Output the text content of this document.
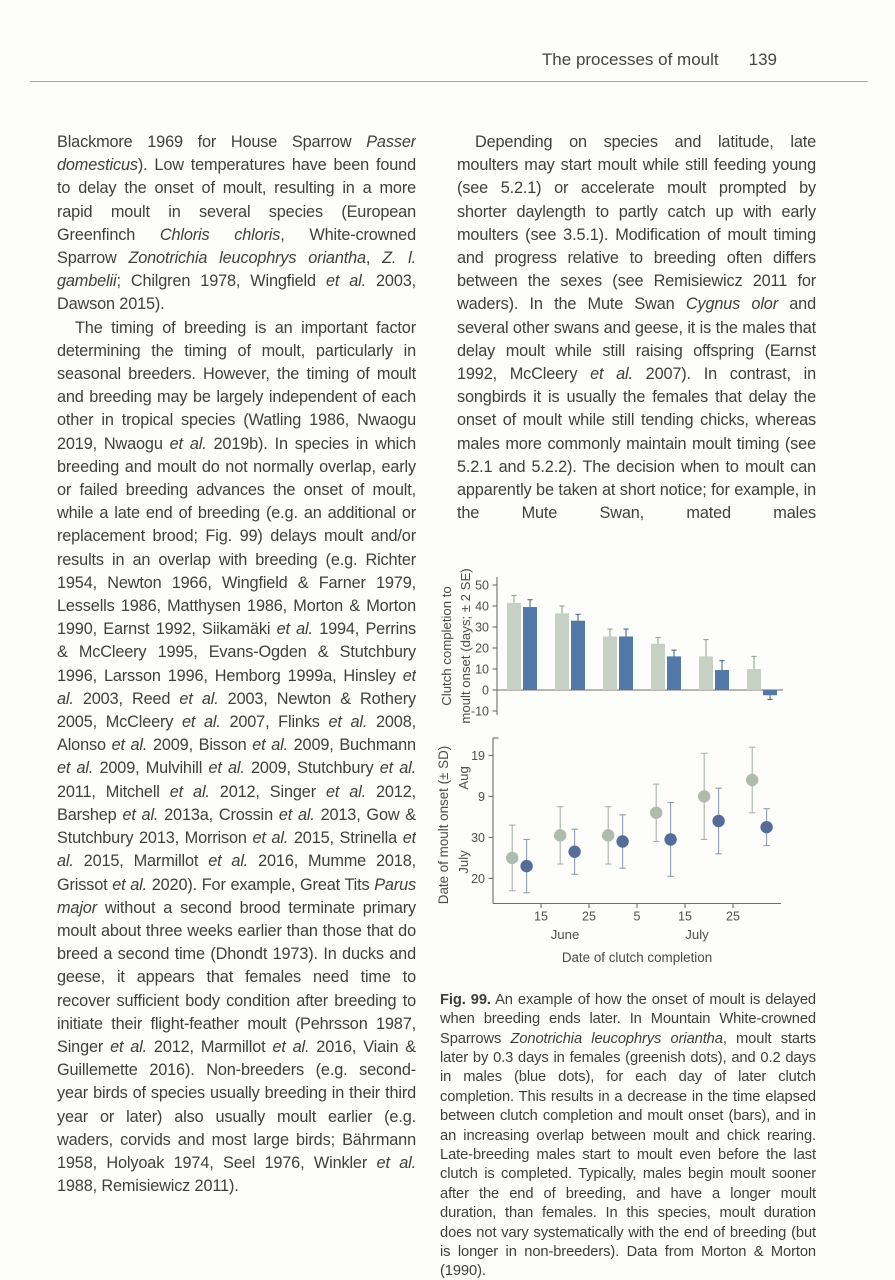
The processes of moult 139

Blackmore 1969 for House Sparrow Passer domesticus). Low temperatures have been found to delay the onset of moult, resulting in a more rapid moult in several species (European Greenfinch Chloris chloris, White-crowned Sparrow Zonotrichia leucophrys oriantha, Z. l. gambelii; Chilgren 1978, Wingfield et al. 2003, Dawson 2015).

The timing of breeding is an important factor determining the timing of moult, particularly in seasonal breeders. However, the timing of moult and breeding may be largely independent of each other in tropical species (Watling 1986, Nwaogu 2019, Nwaogu et al. 2019b). In species in which breeding and moult do not normally overlap, early or failed breeding advances the onset of moult, while a late end of breeding (e.g. an additional or replacement brood; Fig. 99) delays moult and/or results in an overlap with breeding (e.g. Richter 1954, Newton 1966, Wingfield & Farner 1979, Lessells 1986, Matthysen 1986, Morton & Morton 1990, Earnst 1992, Siikamäki et al. 1994, Perrins & McCleery 1995, Evans-Ogden & Stutchbury 1996, Larsson 1996, Hemborg 1999a, Hinsley et al. 2003, Reed et al. 2003, Newton & Rothery 2005, McCleery et al. 2007, Flinks et al. 2008, Alonso et al. 2009, Bisson et al. 2009, Buchmann et al. 2009, Mulvihill et al. 2009, Stutchbury et al. 2011, Mitchell et al. 2012, Singer et al. 2012, Barshep et al. 2013a, Crossin et al. 2013, Gow & Stutchbury 2013, Morrison et al. 2015, Strinella et al. 2015, Marmillot et al. 2016, Mumme 2018, Grissot et al. 2020). For example, Great Tits Parus major without a second brood terminate primary moult about three weeks earlier than those that do breed a second time (Dhondt 1973). In ducks and geese, it appears that females need time to recover sufficient body condition after breeding to initiate their flight-feather moult (Pehrsson 1987, Singer et al. 2012, Marmillot et al. 2016, Viain & Guillemette 2016). Non-breeders (e.g. second-year birds of species usually breeding in their third year or later) also usually moult earlier (e.g. waders, corvids and most large birds; Bährmann 1958, Holyoak 1974, Seel 1976, Winkler et al. 1988, Remisiewicz 2011).

Depending on species and latitude, late moulters may start moult while still feeding young (see 5.2.1) or accelerate moult prompted by shorter daylength to partly catch up with early moulters (see 3.5.1). Modification of moult timing and progress relative to breeding often differs between the sexes (see Remisiewicz 2011 for waders). In the Mute Swan Cygnus olor and several other swans and geese, it is the males that delay moult while still raising offspring (Earnst 1992, McCleery et al. 2007). In contrast, in songbirds it is usually the females that delay the onset of moult while still tending chicks, whereas males more commonly maintain moult timing (see 5.2.1 and 5.2.2). The decision when to moult can apparently be taken at short notice; for example, in the Mute Swan, mated males

-10
0
10
20
30
40
50
Clutch completion to moult onset (days; ± 2 SE)
15	25	5	15	25
June	July
Date of clutch completion
20
30
9
19
July
Aug
Date of moult onset (± SD)

Fig. 99. An example of how the onset of moult is delayed when breeding ends later. In Mountain White-crowned Sparrows Zonotrichia leucophrys oriantha, moult starts later by 0.3 days in females (greenish dots), and 0.2 days in males (blue dots), for each day of later clutch completion. This results in a decrease in the time elapsed between clutch completion and moult onset (bars), and in an increasing overlap between moult and chick rearing. Late-breeding males start to moult even before the last clutch is completed. Typically, males begin moult sooner after the end of breeding, and have a longer moult duration, than females. In this species, moult duration does not vary systematically with the end of breeding (but is longer in non-breeders). Data from Morton & Morton (1990).
